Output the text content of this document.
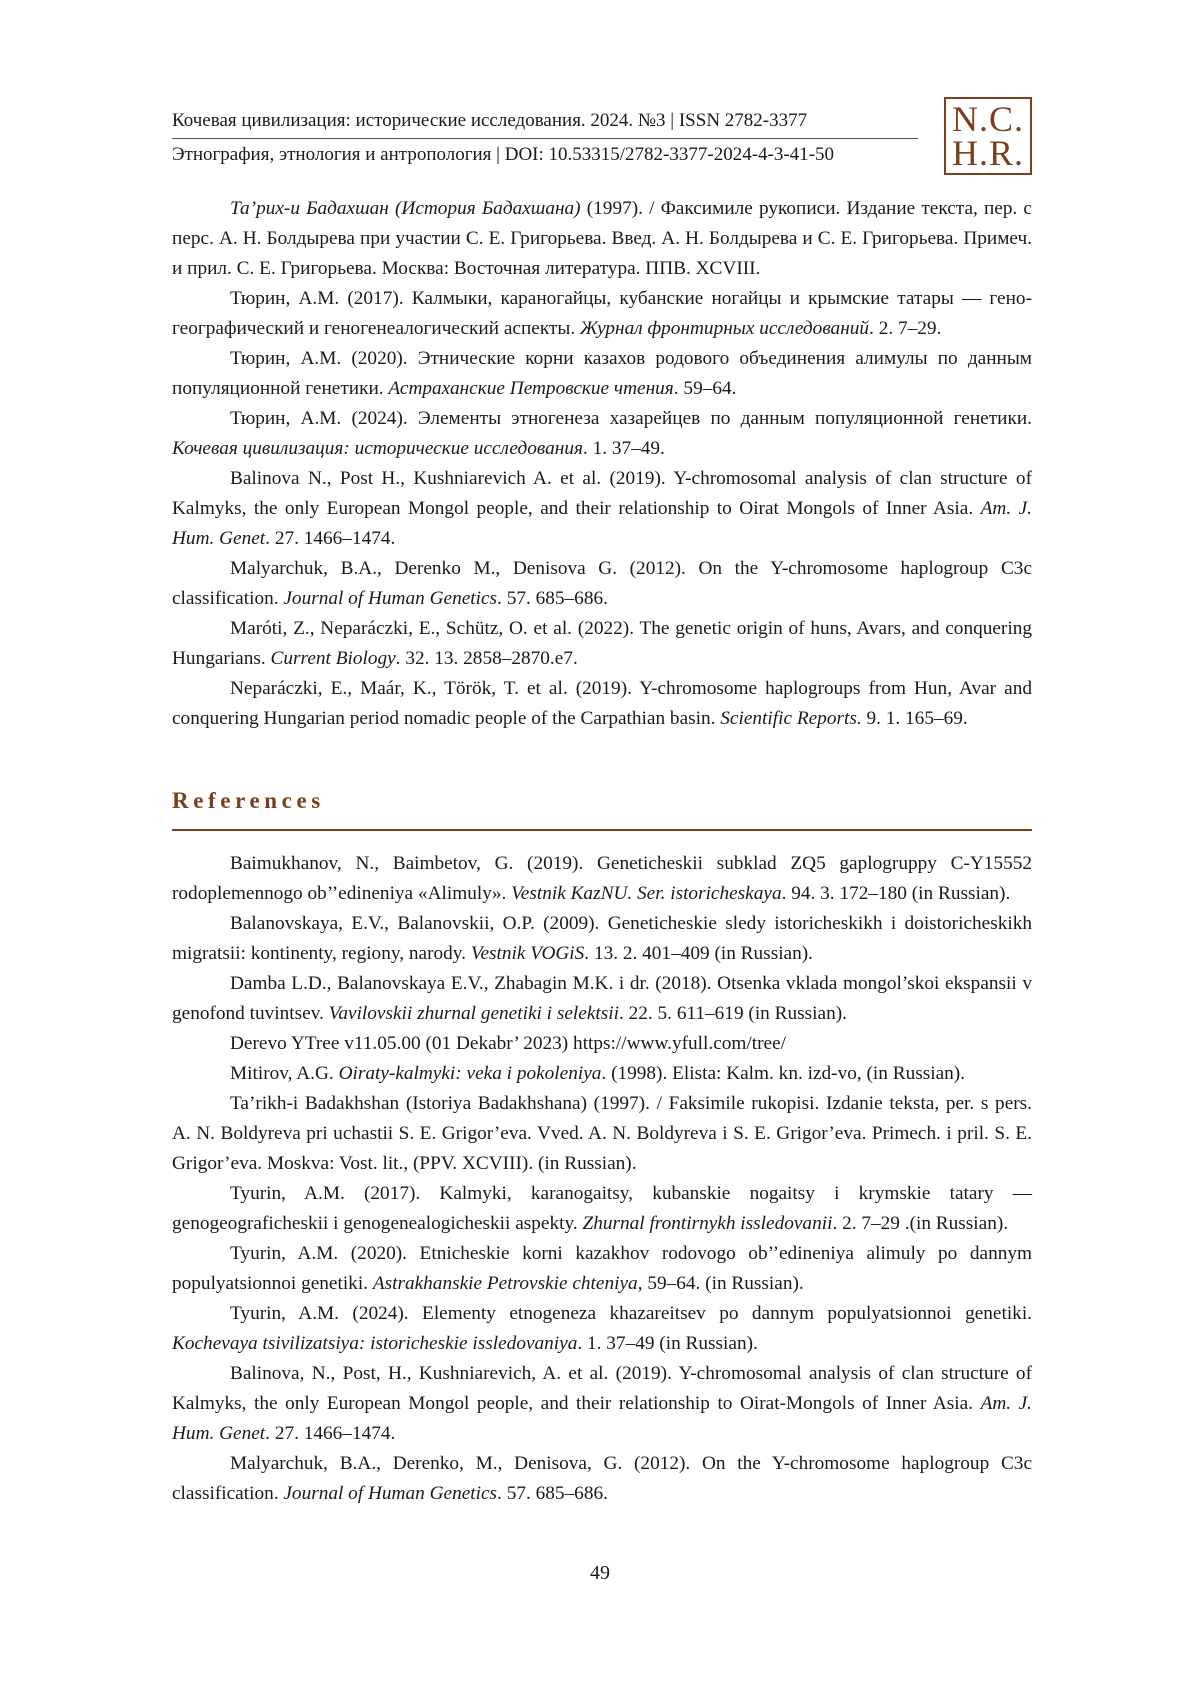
Кочевая цивилизация: исторические исследования. 2024. №3 | ISSN 2782-3377
Этнография, этнология и антропология | DOI: 10.53315/2782-3377-2024-4-3-41-50
N.C.
H.R.

Та’рих-и Бадахшан (История Бадахшана) (1997). / Факсимиле рукописи. Издание текста, пер. с перс. А. Н. Болдырева при участии С. Е. Григорьева. Введ. А. Н. Болдырева и С. Е. Григорьева. Примеч. и прил. С. Е. Григорьева. Москва: Восточная литература. ППВ. XCVIII.

Тюрин, А.М. (2017). Калмыки, караногайцы, кубанские ногайцы и крымские татары — гено-географический и геногенеалогический аспекты. Журнал фронтирных исследований. 2. 7–29.

Тюрин, А.М. (2020). Этнические корни казахов родового объединения алимулы по данным популяционной генетики. Астраханские Петровские чтения. 59–64.

Тюрин, А.М. (2024). Элементы этногенеза хазарейцев по данным популяционной генетики. Кочевая цивилизация: исторические исследования. 1. 37–49.

Balinova N., Post H., Kushniarevich A. et al. (2019). Y-chromosomal analysis of clan structure of Kalmyks, the only European Mongol people, and their relationship to Oirat Mongols of Inner Asia. Am. J. Hum. Genet. 27. 1466–1474.

Malyarchuk, B.A., Derenko M., Denisova G. (2012). On the Y-chromosome haplogroup C3c classification. Journal of Human Genetics. 57. 685–686.

Maróti, Z., Neparáczki, E., Schütz, O. et al. (2022). The genetic origin of huns, Avars, and conquering Hungarians. Current Biology. 32. 13. 2858–2870.e7.

Neparáczki, E., Maár, K., Török, T. et al. (2019). Y-chromosome haplogroups from Hun, Avar and conquering Hungarian period nomadic people of the Carpathian basin. Scientific Reports. 9. 1. 165–69.

References

Baimukhanov, N., Baimbetov, G. (2019). Geneticheskii subklad ZQ5 gaplogruppy C-Y15552 rodoplemennogo ob’’edineniya «Alimuly». Vestnik KazNU. Ser. istoricheskaya. 94. 3. 172–180 (in Russian).

Balanovskaya, E.V., Balanovskii, O.P. (2009). Geneticheskie sledy istoricheskikh i doistoricheskikh migratsii: kontinenty, regiony, narody. Vestnik VOGiS. 13. 2. 401–409 (in Russian).

Damba L.D., Balanovskaya E.V., Zhabagin M.K. i dr. (2018). Otsenka vklada mongol’skoi ekspansii v genofond tuvintsev. Vavilovskii zhurnal genetiki i selektsii. 22. 5. 611–619 (in Russian).

Derevo YTree v11.05.00 (01 Dekabr’ 2023) https://www.yfull.com/tree/

Mitirov, A.G. Oiraty-kalmyki: veka i pokoleniya. (1998). Elista: Kalm. kn. izd-vo, (in Russian).

Ta’rikh-i Badakhshan (Istoriya Badakhshana) (1997). / Faksimile rukopisi. Izdanie teksta, per. s pers. A. N. Boldyreva pri uchastii S. E. Grigor’eva. Vved. A. N. Boldyreva i S. E. Grigor’eva. Primech. i pril. S. E. Grigor’eva. Moskva: Vost. lit., (PPV. XCVIII). (in Russian).

Tyurin, A.M. (2017). Kalmyki, karanogaitsy, kubanskie nogaitsy i krymskie tatary — genogeograficheskii i genogenealogicheskii aspekty. Zhurnal frontirnykh issledovanii. 2. 7–29 .(in Russian).

Tyurin, A.M. (2020). Etnicheskie korni kazakhov rodovogo ob’’edineniya alimuly po dannym populyatsionnoi genetiki. Astrakhanskie Petrovskie chteniya, 59–64. (in Russian).

Tyurin, A.M. (2024). Elementy etnogeneza khazareitsev po dannym populyatsionnoi genetiki. Kochevaya tsivilizatsiya: istoricheskie issledovaniya. 1. 37–49 (in Russian).

Balinova, N., Post, H., Kushniarevich, A. et al. (2019). Y-chromosomal analysis of clan structure of Kalmyks, the only European Mongol people, and their relationship to Oirat-Mongols of Inner Asia. Am. J. Hum. Genet. 27. 1466–1474.

Malyarchuk, B.A., Derenko, M., Denisova, G. (2012). On the Y-chromosome haplogroup C3c classification. Journal of Human Genetics. 57. 685–686.

49
